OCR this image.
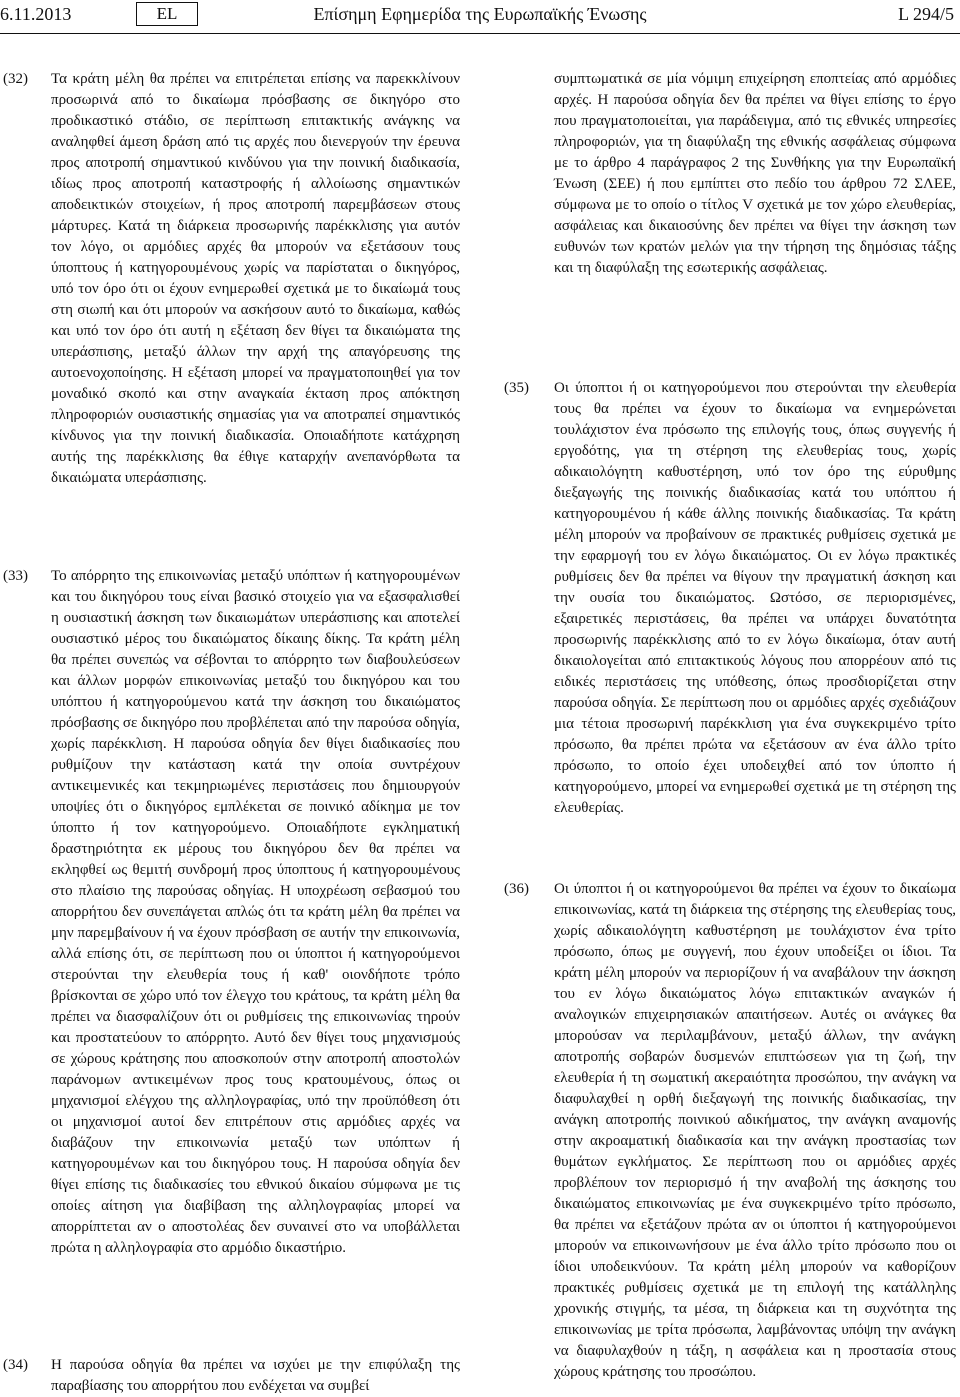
6.11.2013	EL	Επίσημη Εφημερίδα της Ευρωπαϊκής Ένωσης	L 294/5
(32) Τα κράτη μέλη θα πρέπει να επιτρέπεται επίσης να παρεκκλίνουν προσωρινά από το δικαίωμα πρόσβασης σε δικηγόρο στο προδικαστικό στάδιο, σε περίπτωση επιτακτικής ανάγκης να αναληφθεί άμεση δράση από τις αρχές που διενεργούν την έρευνα προς αποτροπή σημαντικού κινδύνου για την ποινική διαδικασία, ιδίως προς αποτροπή καταστροφής ή αλλοίωσης σημαντικών αποδεικτικών στοιχείων, ή προς αποτροπή παρεμβάσεων στους μάρτυρες. Κατά τη διάρκεια προσωρινής παρέκκλισης για αυτόν τον λόγο, οι αρμόδιες αρχές θα μπορούν να εξετάσουν τους ύποπτους ή κατηγορουμένους χωρίς να παρίσταται ο δικηγόρος, υπό τον όρο ότι οι έχουν ενημερωθεί σχετικά με το δικαίωμά τους στη σιωπή και ότι μπορούν να ασκήσουν αυτό το δικαίωμα, καθώς και υπό τον όρο ότι αυτή η εξέταση δεν θίγει τα δικαιώματα της υπεράσπισης, μεταξύ άλλων την αρχή της απαγόρευσης της αυτοενοχοποίησης. Η εξέταση μπορεί να πραγματοποιηθεί για τον μοναδικό σκοπό και στην αναγκαία έκταση προς απόκτηση πληροφοριών ουσιαστικής σημασίας για να αποτραπεί σημαντικός κίνδυνος για την ποινική διαδικασία. Οποιαδήποτε κατάχρηση αυτής της παρέκκλισης θα έθιγε καταρχήν ανεπανόρθωτα τα δικαιώματα υπεράσπισης.

(33) Το απόρρητο της επικοινωνίας μεταξύ υπόπτων ή κατηγορουμένων και του δικηγόρου τους είναι βασικό στοιχείο για να εξασφαλισθεί η ουσιαστική άσκηση των δικαιωμάτων υπεράσπισης και αποτελεί ουσιαστικό μέρος του δικαιώματος δίκαιης δίκης. Τα κράτη μέλη θα πρέπει συνεπώς να σέβονται το απόρρητο των διαβουλεύσεων και άλλων μορφών επικοινωνίας μεταξύ του δικηγόρου και του υπόπτου ή κατηγορούμενου κατά την άσκηση του δικαιώματος πρόσβασης σε δικηγόρο που προβλέπεται από την παρούσα οδηγία, χωρίς παρέκκλιση. Η παρούσα οδηγία δεν θίγει διαδικασίες που ρυθμίζουν την κατάσταση κατά την οποία συντρέχουν αντικειμενικές και τεκμηριωμένες περιστάσεις που δημιουργούν υποψίες ότι ο δικηγόρος εμπλέκεται σε ποινικό αδίκημα με τον ύποπτο ή τον κατηγορούμενο. Οποιαδήποτε εγκληματική δραστηριότητα εκ μέρους του δικηγόρου δεν θα πρέπει να εκληφθεί ως θεμιτή συνδρομή προς ύποπτους ή κατηγορουμένους στο πλαίσιο της παρούσας οδηγίας. Η υποχρέωση σεβασμού του απορρήτου δεν συνεπάγεται απλώς ότι τα κράτη μέλη θα πρέπει να μην παρεμβαίνουν ή να έχουν πρόσβαση σε αυτήν την επικοινωνία, αλλά επίσης ότι, σε περίπτωση που οι ύποπτοι ή κατηγορούμενοι στερούνται την ελευθερία τους ή καθ' οιονδήποτε τρόπο βρίσκονται σε χώρο υπό τον έλεγχο του κράτους, τα κράτη μέλη θα πρέπει να διασφαλίζουν ότι οι ρυθμίσεις της επικοινωνίας τηρούν και προστατεύουν το απόρρητο. Αυτό δεν θίγει τους μηχανισμούς σε χώρους κράτησης που αποσκοπούν στην αποτροπή αποστολών παράνομων αντικειμένων προς τους κρατουμένους, όπως οι μηχανισμοί ελέγχου της αλληλογραφίας, υπό την προϋπόθεση ότι οι μηχανισμοί αυτοί δεν επιτρέπουν στις αρμόδιες αρχές να διαβάζουν την επικοινωνία μεταξύ των υπόπτων ή κατηγορουμένων και του δικηγόρου τους. Η παρούσα οδηγία δεν θίγει επίσης τις διαδικασίες του εθνικού δικαίου σύμφωνα με τις οποίες αίτηση για διαβίβαση της αλληλογραφίας μπορεί να απορρίπτεται αν ο αποστολέας δεν συναινεί στο να υποβάλλεται πρώτα η αλληλογραφία στο αρμόδιο δικαστήριο.

(34) Η παρούσα οδηγία θα πρέπει να ισχύει με την επιφύλαξη της παραβίασης του απορρήτου που ενδέχεται να συμβεί

συμπτωματικά σε μία νόμιμη επιχείρηση εποπτείας από αρμόδιες αρχές. Η παρούσα οδηγία δεν θα πρέπει να θίγει επίσης το έργο που πραγματοποιείται, για παράδειγμα, από τις εθνικές υπηρεσίες πληροφοριών, για τη διαφύλαξη της εθνικής ασφάλειας σύμφωνα με το άρθρο 4 παράγραφος 2 της Συνθήκης για την Ευρωπαϊκή Ένωση (ΣΕΕ) ή που εμπίπτει στο πεδίο του άρθρου 72 ΣΛΕΕ, σύμφωνα με το οποίο ο τίτλος V σχετικά με τον χώρο ελευθερίας, ασφάλειας και δικαιοσύνης δεν πρέπει να θίγει την άσκηση των ευθυνών των κρατών μελών για την τήρηση της δημόσιας τάξης και τη διαφύλαξη της εσωτερικής ασφάλειας.

(35) Οι ύποπτοι ή οι κατηγορούμενοι που στερούνται την ελευθερία τους θα πρέπει να έχουν το δικαίωμα να ενημερώνεται τουλάχιστον ένα πρόσωπο της επιλογής τους, όπως συγγενής ή εργοδότης, για τη στέρηση της ελευθερίας τους, χωρίς αδικαιολόγητη καθυστέρηση, υπό τον όρο της εύρυθμης διεξαγωγής της ποινικής διαδικασίας κατά του υπόπτου ή κατηγορουμένου ή κάθε άλλης ποινικής διαδικασίας. Τα κράτη μέλη μπορούν να προβαίνουν σε πρακτικές ρυθμίσεις σχετικά με την εφαρμογή του εν λόγω δικαιώματος. Οι εν λόγω πρακτικές ρυθμίσεις δεν θα πρέπει να θίγουν την πραγματική άσκηση και την ουσία του δικαιώματος. Ωστόσο, σε περιορισμένες, εξαιρετικές περιστάσεις, θα πρέπει να υπάρχει δυνατότητα προσωρινής παρέκκλισης από το εν λόγω δικαίωμα, όταν αυτή δικαιολογείται από επιτακτικούς λόγους που απορρέουν από τις ειδικές περιστάσεις της υπόθεσης, όπως προσδιορίζεται στην παρούσα οδηγία. Σε περίπτωση που οι αρμόδιες αρχές σχεδιάζουν μια τέτοια προσωρινή παρέκκλιση για ένα συγκεκριμένο τρίτο πρόσωπο, θα πρέπει πρώτα να εξετάσουν αν ένα άλλο τρίτο πρόσωπο, το οποίο έχει υποδειχθεί από τον ύποπτο ή κατηγορούμενο, μπορεί να ενημερωθεί σχετικά με τη στέρηση της ελευθερίας.

(36) Οι ύποπτοι ή οι κατηγορούμενοι θα πρέπει να έχουν το δικαίωμα επικοινωνίας, κατά τη διάρκεια της στέρησης της ελευθερίας τους, χωρίς αδικαιολόγητη καθυστέρηση με τουλάχιστον ένα τρίτο πρόσωπο, όπως με συγγενή, που έχουν υποδείξει οι ίδιοι. Τα κράτη μέλη μπορούν να περιορίζουν ή να αναβάλουν την άσκηση του εν λόγω δικαιώματος λόγω επιτακτικών αναγκών ή αναλογικών επιχειρησιακών απαιτήσεων. Αυτές οι ανάγκες θα μπορούσαν να περιλαμβάνουν, μεταξύ άλλων, την ανάγκη αποτροπής σοβαρών δυσμενών επιπτώσεων για τη ζωή, την ελευθερία ή τη σωματική ακεραιότητα προσώπου, την ανάγκη να διαφυλαχθεί η ορθή διεξαγωγή της ποινικής διαδικασίας, την ανάγκη αποτροπής ποινικού αδικήματος, την ανάγκη αναμονής στην ακροαματική διαδικασία και την ανάγκη προστασίας των θυμάτων εγκλήματος. Σε περίπτωση που οι αρμόδιες αρχές προβλέπουν τον περιορισμό ή την αναβολή της άσκησης του δικαιώματος επικοινωνίας με ένα συγκεκριμένο τρίτο πρόσωπο, θα πρέπει να εξετάζουν πρώτα αν οι ύποπτοι ή κατηγορούμενοι μπορούν να επικοινωνήσουν με ένα άλλο τρίτο πρόσωπο που οι ίδιοι υποδεικνύουν. Τα κράτη μέλη μπορούν να καθορίζουν πρακτικές ρυθμίσεις σχετικά με τη επιλογή της κατάλληλης χρονικής στιγμής, τα μέσα, τη διάρκεια και τη συχνότητα της επικοινωνίας με τρίτα πρόσωπα, λαμβάνοντας υπόψη την ανάγκη να διαφυλαχθούν η τάξη, η ασφάλεια και η προστασία στους χώρους κράτησης του προσώπου.
